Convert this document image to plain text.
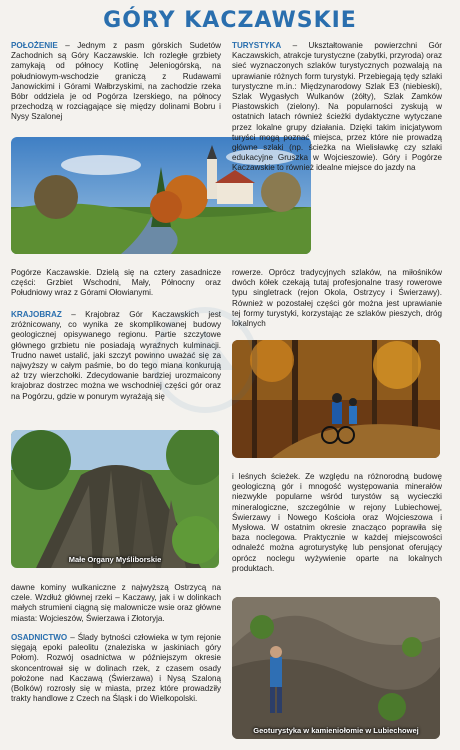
GÓRY KACZAWSKIE

POŁOŻENIE – Jednym z pasm górskich Sudetów Zachodnich są Góry Kaczawskie. Ich rozległe grzbiety zamykają od północy Kotlinę Jeleniogórską, na południowym-wschodzie graniczą z Rudawami Janowickimi i Górami Wałbrzyskimi, na zachodzie rzeka Bóbr oddziela je od Pogórza Izerskiego, na północy przechodzą w rozciągające się między dolinami Bobru i Nysy Szalonej

Pogórze Kaczawskie. Dzielą się na cztery zasadnicze części: Grzbiet Wschodni, Mały, Północny oraz Południowy wraz z Górami Ołowianymi.

KRAJOBRAZ – Krajobraz Gór Kaczawskich jest zróżnicowany, co wynika ze skomplikowanej budowy geologicznej opisywanego regionu. Partie szczytowe głównego grzbietu nie posiadają wyraźnych kulminacji. Trudno nawet ustalić, jaki szczyt powinno uważać się za najwyższy w całym paśmie, bo do tego miana konkurują aż trzy wierzchołki. Zdecydowanie bardziej urozmaicony krajobraz dostrzec można we wschodniej części gór oraz na Pogórzu, gdzie w ponurym wyrażają się

Małe Organy Myśliborskie

dawne kominy wulkaniczne z najwyższą Ostrzycą na czele. Wzdłuż głównej rzeki – Kaczawy, jak i w dolinkach małych strumieni ciągną się malownicze wsie oraz główne miasta: Wojcieszów, Świerzawa i Złotoryja.

OSADNICTWO – Ślady bytności człowieka w tym rejonie sięgają epoki paleolitu (znaleziska w jaskiniach góry Połom). Rozwój osadnictwa w późniejszym okresie skoncentrował się w dolinach rzek, z czasem osady położone nad Kaczawą (Świerzawa) i Nysą Szaloną (Bolków) rozrosły się w miasta, przez które prowadziły trakty handlowe z Czech na Śląsk i do Wielkopolski.

TURYSTYKA – Ukształtowanie powierzchni Gór Kaczawskich, atrakcje turystyczne (zabytki, przyroda) oraz sieć wyznaczonych szlaków turystycznych pozwalają na uprawianie różnych form turystyki. Przebiegają tędy szlaki turystyczne m.in.: Międzynarodowy Szlak E3 (niebieski), Szlak Wygasłych Wulkanów (żółty), Szlak Zamków Piastowskich (zielony). Na popularności zyskują w ostatnich latach również ścieżki dydaktyczne wytyczane przez lokalne grupy działania. Dzięki takim inicjatywom turyści mogą poznać miejsca, przez które nie prowadzą główne szlaki (np. ścieżka na Wielisławkę czy szlaki edukacyjne Gruszka w Wojcieszowie). Góry i Pogórze Kaczawskie to również idealne miejsce do jazdy na

rowerze. Oprócz tradycyjnych szlaków, na miłośników dwóch kółek czekają tutaj profesjonalne trasy rowerowe typu singletrack (rejon Okola, Ostrzycy i Świerzawy). Również w pozostałej części gór można jest uprawianie tej formy turystyki, korzystając ze szlaków pieszych, dróg lokalnych

i leśnych ścieżek. Ze względu na różnorodną budowę geologiczną gór i mnogość występowania minerałów niezwykle popularne wśród turystów są wycieczki mineralogiczne, szczególnie w rejony Lubiechowej, Świerzawy i Nowego Kościoła oraz Wojcieszowa i Mysłowa. W ostatnim okresie znacząco poprawiła się baza noclegowa. Praktycznie w każdej miejscowości odnaleźć można agroturystykę lub pensjonat oferujący oprócz noclegu wyżywienie oparte na lokalnych produktach.

Geoturystyka w kamieniołomie w Lubiechowej
